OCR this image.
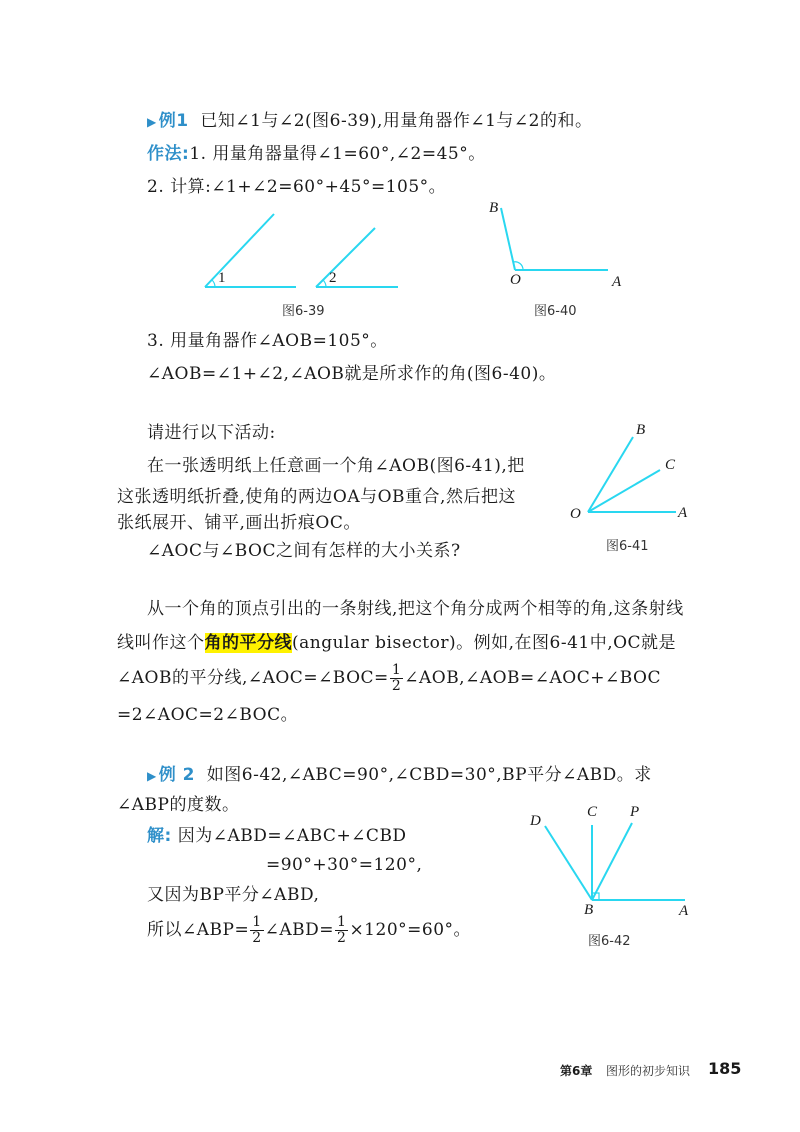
▶ 例1 已知∠1与∠2(图6-39),用量角器作∠1与∠2的和。
作法:1. 用量角器量得∠1=60°,∠2=45°。
2. 计算:∠1+∠2=60°+45°=105°。
1	2
图6-39
B
O	A
图6-40
3. 用量角器作∠AOB=105°。
∠AOB=∠1+∠2,∠AOB就是所求作的角(图6-40)。
请进行以下活动:
在一张透明纸上任意画一个角∠AOB(图6-41),把
这张透明纸折叠,使角的两边OA与OB重合,然后把这
张纸展开、铺平,画出折痕OC。
∠AOC与∠BOC之间有怎样的大小关系?
B
C
O	A
图6-41
从一个角的顶点引出的一条射线,把这个角分成两个相等的角,这条射线
线叫作这个角的平分线(angular bisector)。例如,在图6-41中,OC就是
∠AOB的平分线,∠AOC=∠BOC= $\frac{1}{2}$ ∠AOB,∠AOB=∠AOC+∠BOC
=2∠AOC=2∠BOC。
▶ 例 2 如图6-42,∠ABC=90°,∠CBD=30°,BP平分∠ABD。求
∠ABP的度数。
解: 因为∠ABD=∠ABC+∠CBD
=90°+30°=120°,
又因为BP平分∠ABD,
所以∠ABP= $\frac{1}{2}$ ∠ABD= $\frac{1}{2} \times 120^\circ=60^\circ$。
D
C P
B	A
图6-42
第6章 图形的初步知识 185
